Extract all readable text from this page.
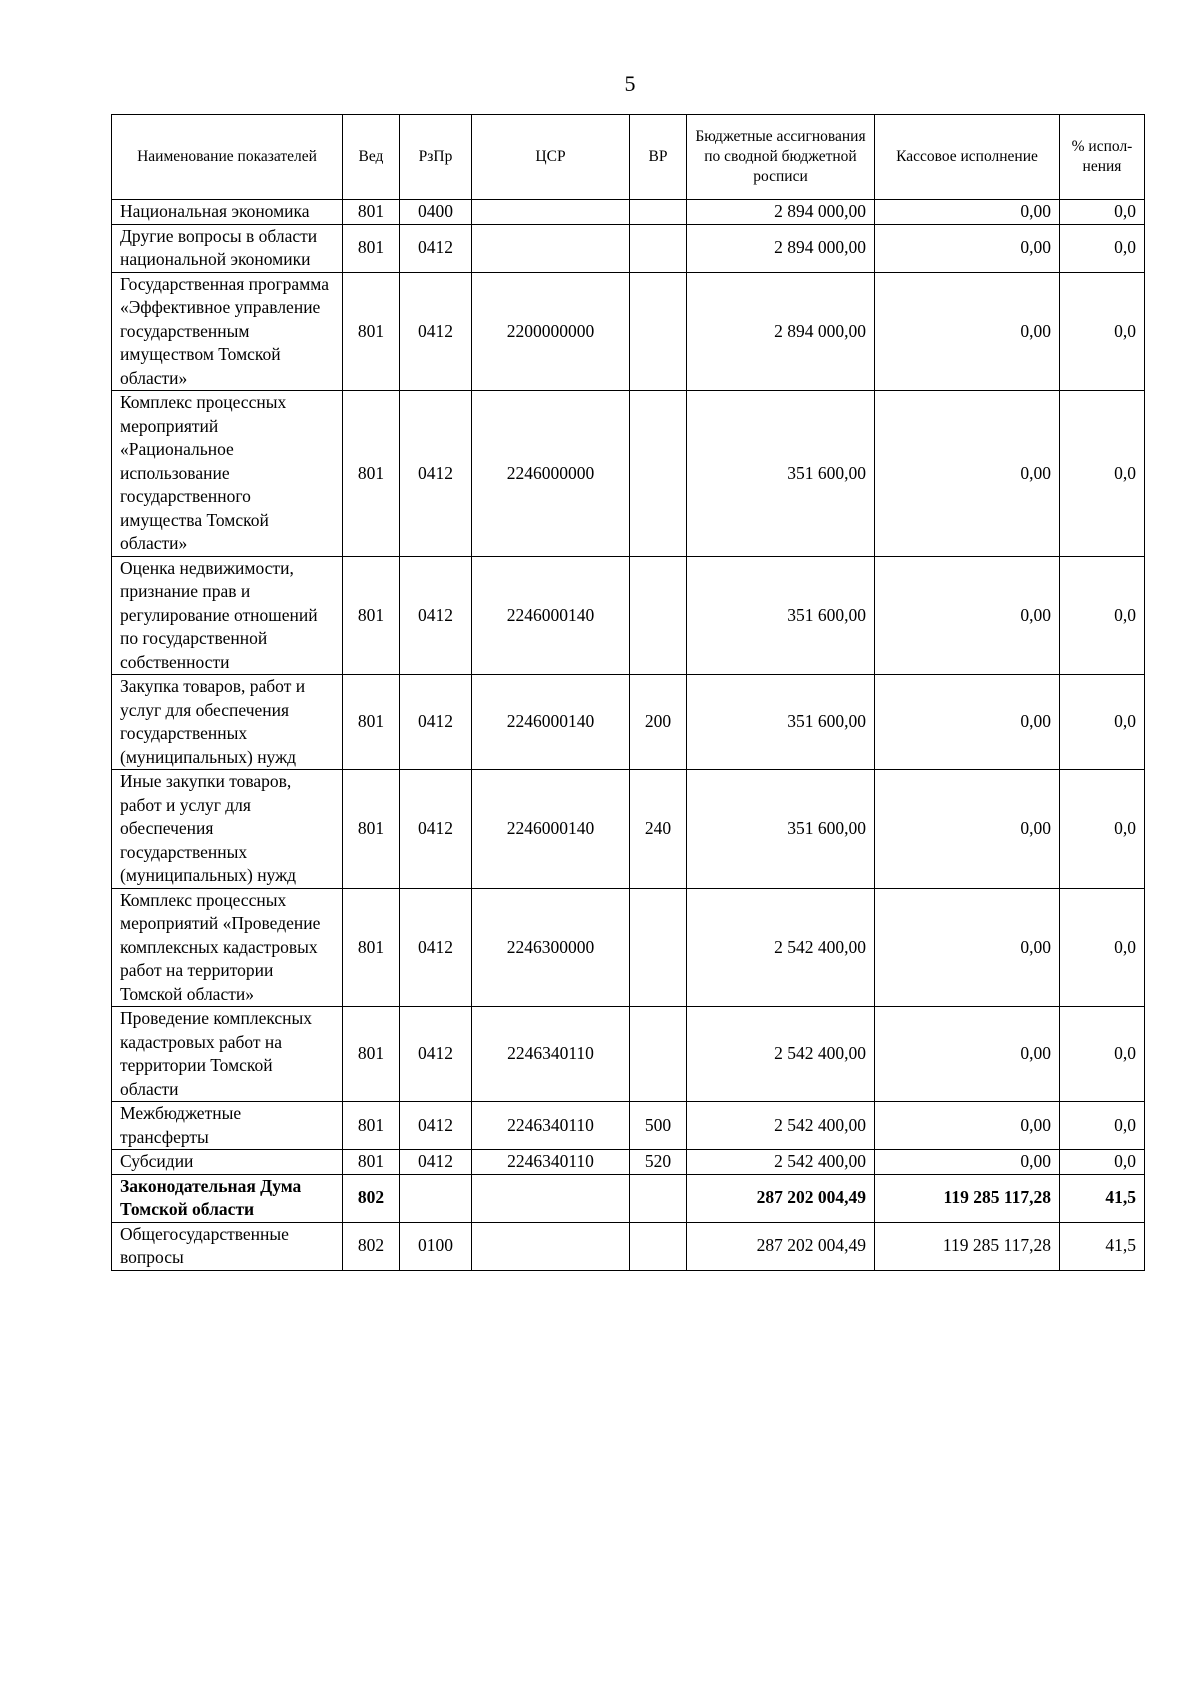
5
Наименование показателей	Вед	РзПр	ЦСР	ВР	Бюджетные ассигнования по сводной бюджетной росписи	Кассовое исполнение	% испол-нения
Национальная экономика	801	0400			2 894 000,00	0,00	0,0
Другие вопросы в области национальной экономики	801	0412			2 894 000,00	0,00	0,0
Государственная программа «Эффективное управление государственным имуществом Томской области»	801	0412	2200000000		2 894 000,00	0,00	0,0
Комплекс процессных мероприятий «Рациональное использование государственного имущества Томской области»	801	0412	2246000000		351 600,00	0,00	0,0
Оценка недвижимости, признание прав и регулирование отношений по государственной собственности	801	0412	2246000140		351 600,00	0,00	0,0
Закупка товаров, работ и услуг для обеспечения государственных (муниципальных) нужд	801	0412	2246000140	200	351 600,00	0,00	0,0
Иные закупки товаров, работ и услуг для обеспечения государственных (муниципальных) нужд	801	0412	2246000140	240	351 600,00	0,00	0,0
Комплекс процессных мероприятий «Проведение комплексных кадастровых работ на территории Томской области»	801	0412	2246300000		2 542 400,00	0,00	0,0
Проведение комплексных кадастровых работ на территории Томской области	801	0412	2246340110		2 542 400,00	0,00	0,0
Межбюджетные трансферты	801	0412	2246340110	500	2 542 400,00	0,00	0,0
Субсидии	801	0412	2246340110	520	2 542 400,00	0,00	0,0
Законодательная Дума Томской области	802				287 202 004,49	119 285 117,28	41,5
Общегосударственные вопросы	802	0100			287 202 004,49	119 285 117,28	41,5
